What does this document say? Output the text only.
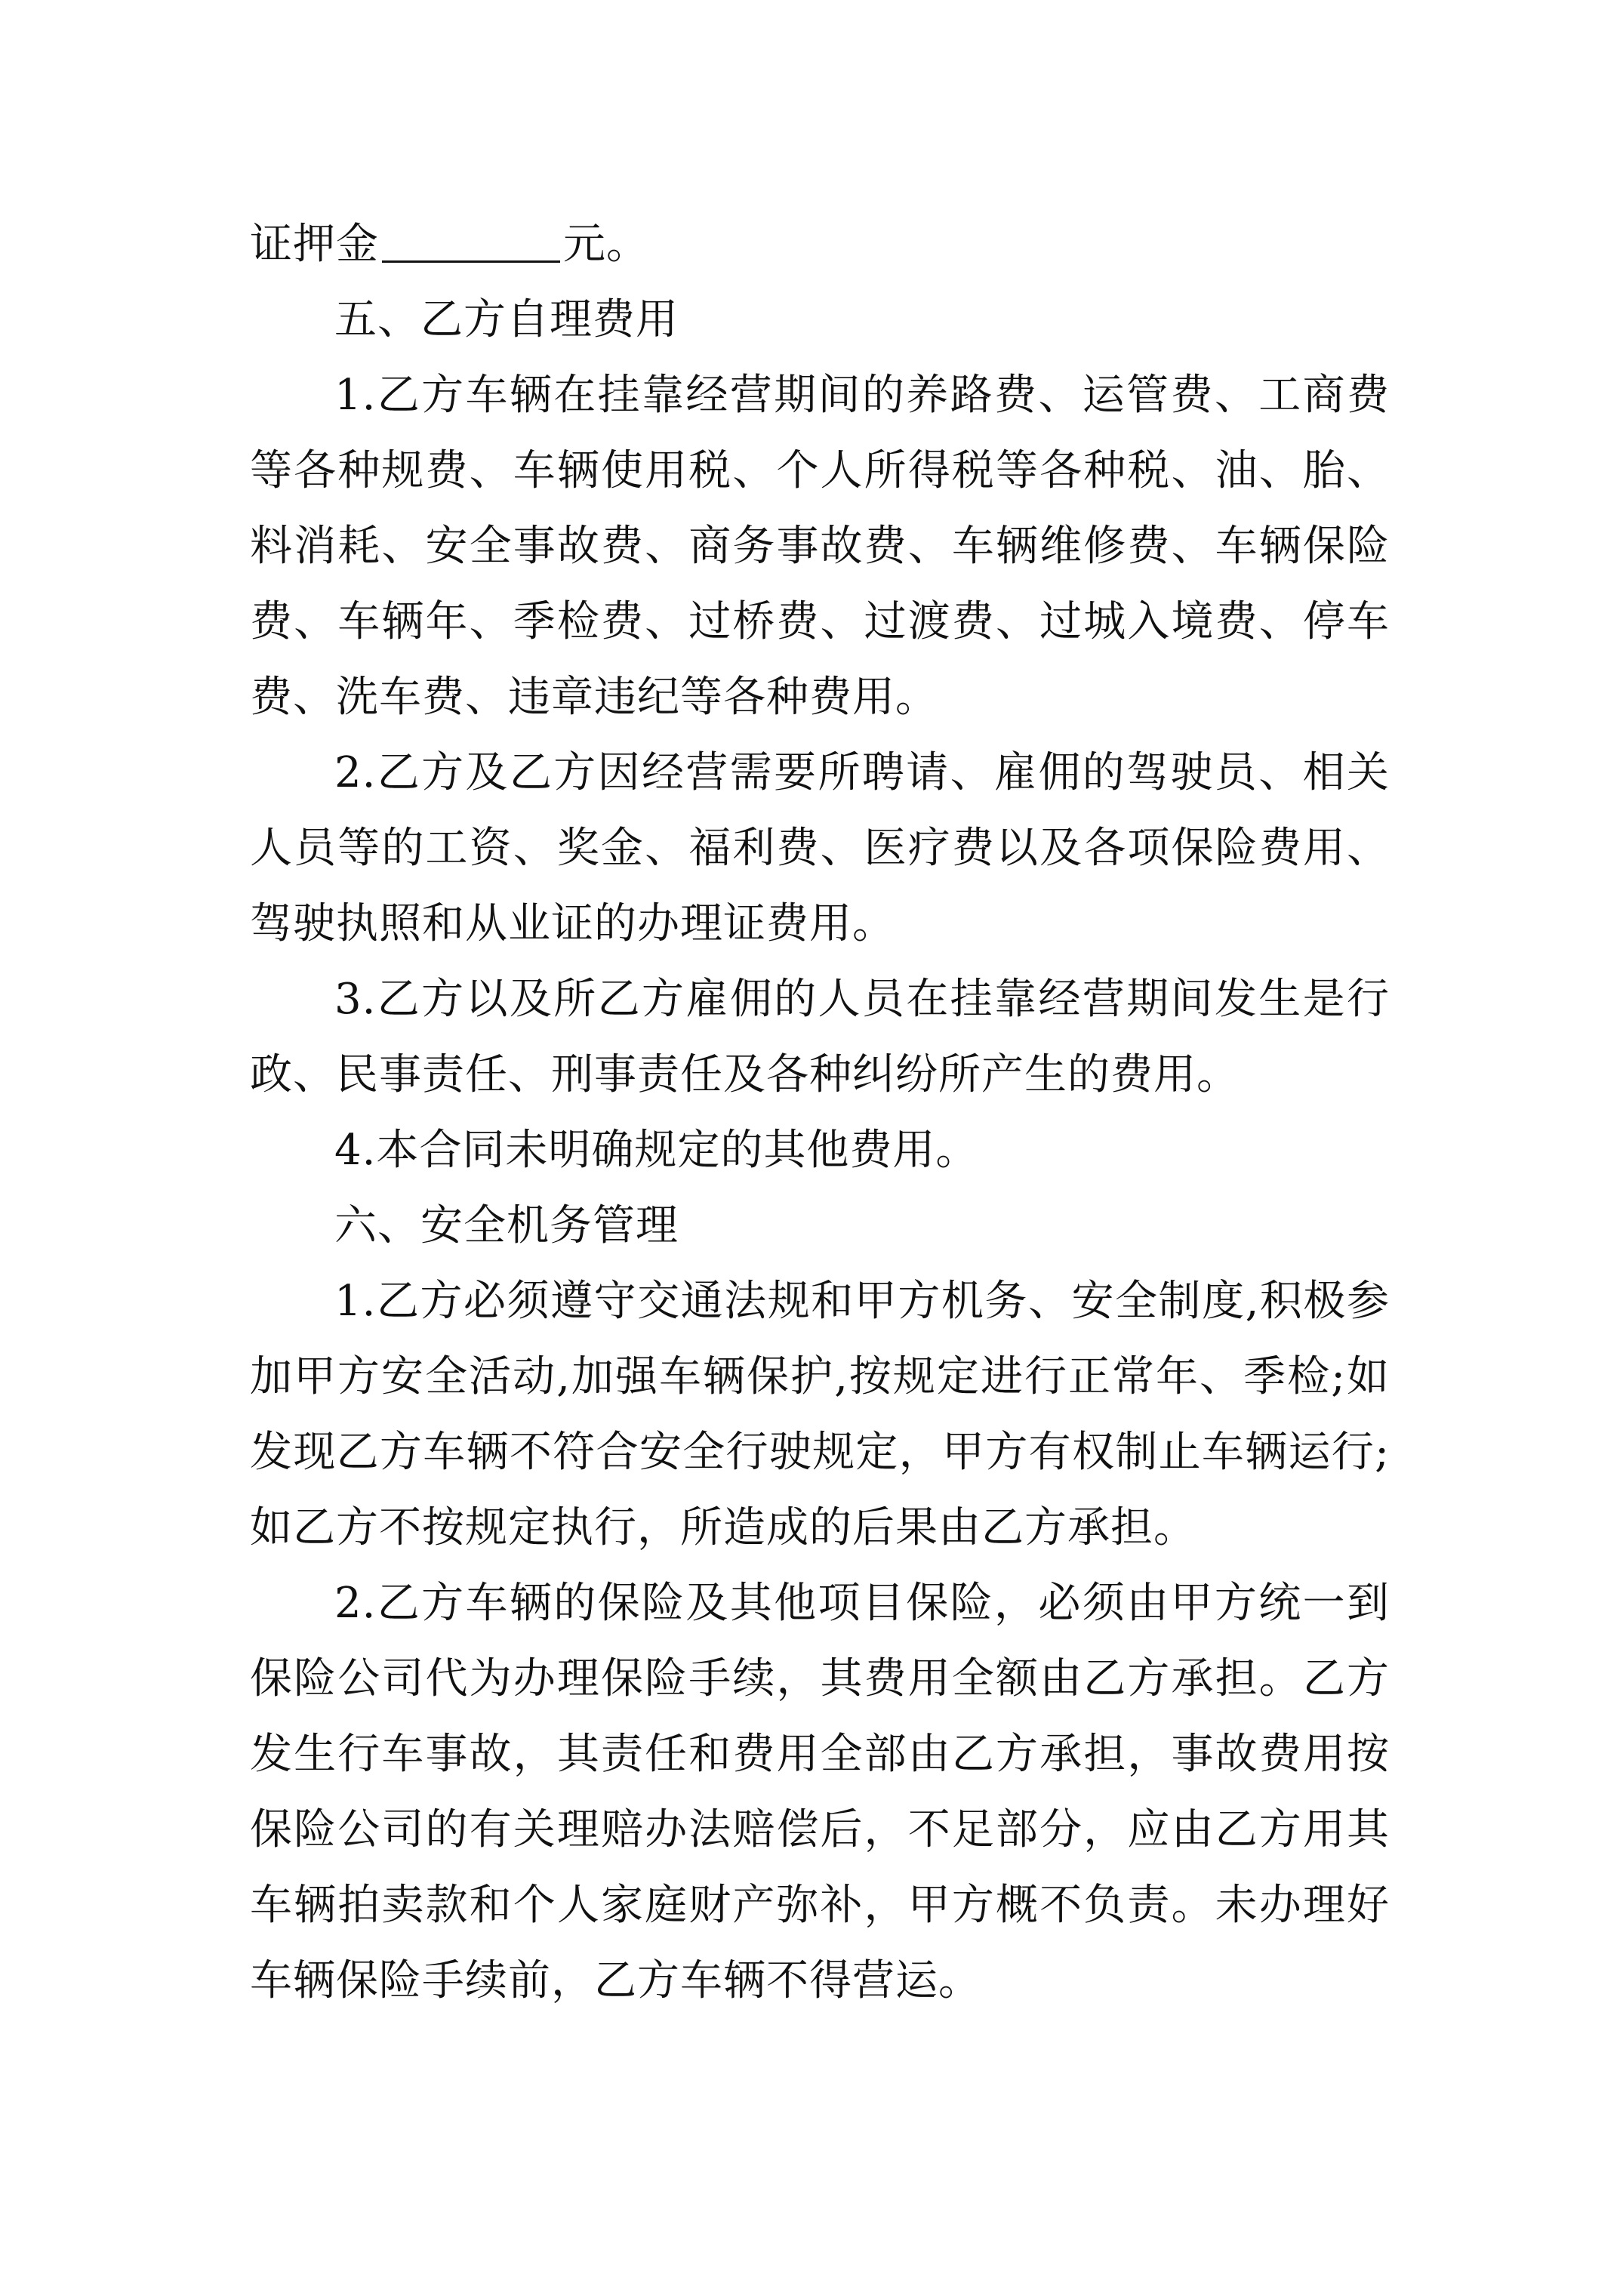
证押金	元。

五、乙方自理费用

1.乙方车辆在挂靠经营期间的养路费、运管费、工商费等各种规费、车辆使用税、个人所得税等各种税、油、胎、料消耗、安全事故费、商务事故费、车辆维修费、车辆保险费、车辆年、季检费、过桥费、过渡费、过城入境费、停车费、洗车费、违章违纪等各种费用。

2.乙方及乙方因经营需要所聘请、雇佣的驾驶员、相关人员等的工资、奖金、福利费、医疗费以及各项保险费用、驾驶执照和从业证的办理证费用。

3.乙方以及所乙方雇佣的人员在挂靠经营期间发生是行政、民事责任、刑事责任及各种纠纷所产生的费用。

4.本合同未明确规定的其他费用。

六、安全机务管理

1.乙方必须遵守交通法规和甲方机务、安全制度,积极参加甲方安全活动,加强车辆保护,按规定进行正常年、季检;如发现乙方车辆不符合安全行驶规定，甲方有权制止车辆运行;如乙方不按规定执行，所造成的后果由乙方承担。

2.乙方车辆的保险及其他项目保险，必须由甲方统一到保险公司代为办理保险手续，其费用全额由乙方承担。乙方发生行车事故，其责任和费用全部由乙方承担，事故费用按保险公司的有关理赔办法赔偿后，不足部分，应由乙方用其车辆拍卖款和个人家庭财产弥补，甲方概不负责。未办理好车辆保险手续前，乙方车辆不得营运。
